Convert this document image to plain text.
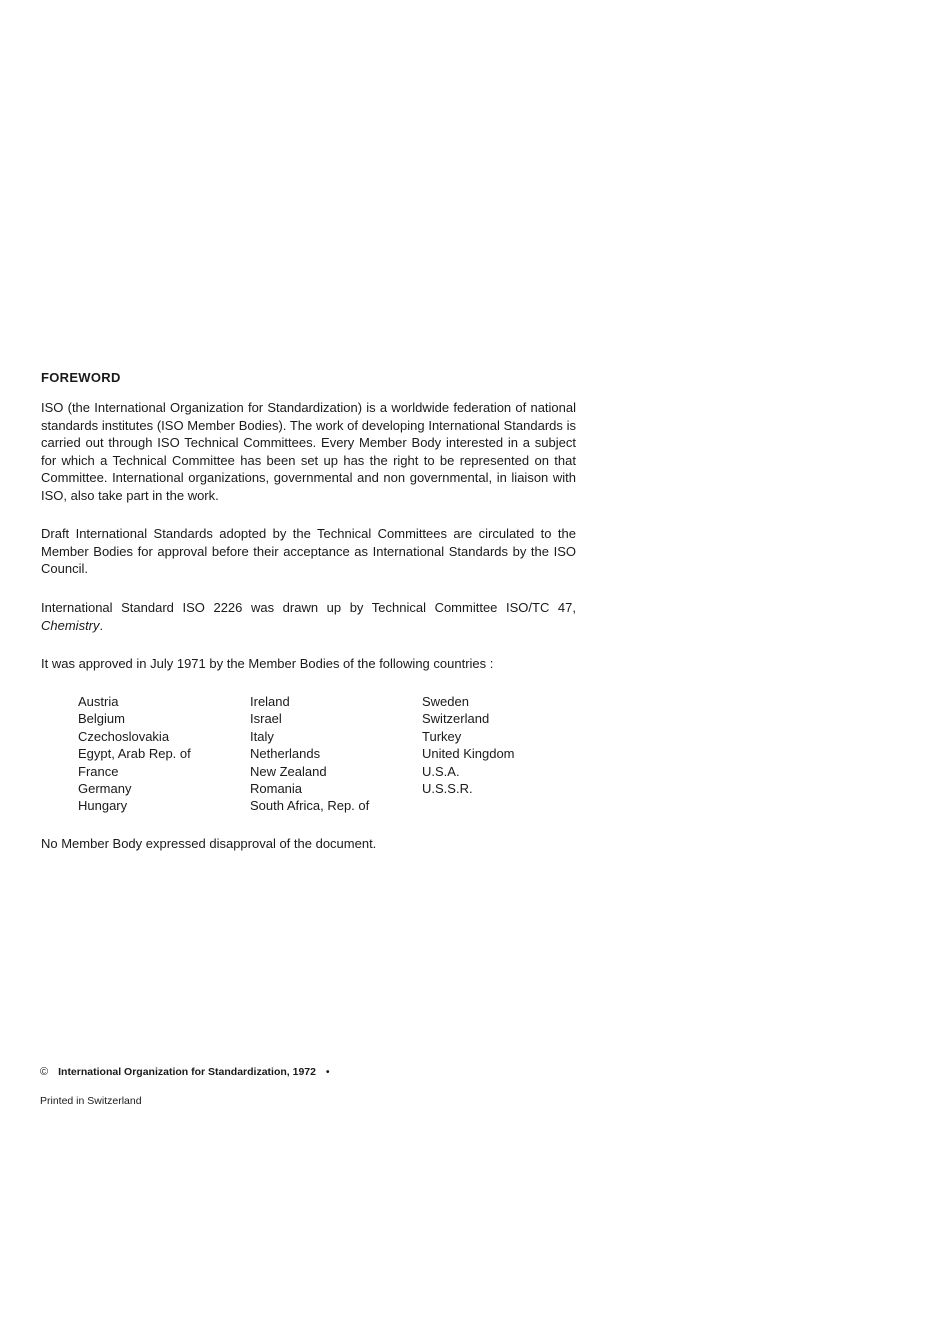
FOREWORD
ISO (the International Organization for Standardization) is a worldwide federation of national standards institutes (ISO Member Bodies). The work of developing International Standards is carried out through ISO Technical Committees. Every Member Body interested in a subject for which a Technical Committee has been set up has the right to be represented on that Committee. International organizations, governmental and non governmental, in liaison with ISO, also take part in the work.
Draft International Standards adopted by the Technical Committees are circulated to the Member Bodies for approval before their acceptance as International Standards by the ISO Council.
International Standard ISO 2226 was drawn up by Technical Committee ISO/TC 47, Chemistry.
It was approved in July 1971 by the Member Bodies of the following countries :
Austria
Belgium
Czechoslovakia
Egypt, Arab Rep. of
France
Germany
Hungary
Ireland
Israel
Italy
Netherlands
New Zealand
Romania
South Africa, Rep. of
Sweden
Switzerland
Turkey
United Kingdom
U.S.A.
U.S.S.R.
No Member Body expressed disapproval of the document.
© International Organization for Standardization, 1972 •
Printed in Switzerland
